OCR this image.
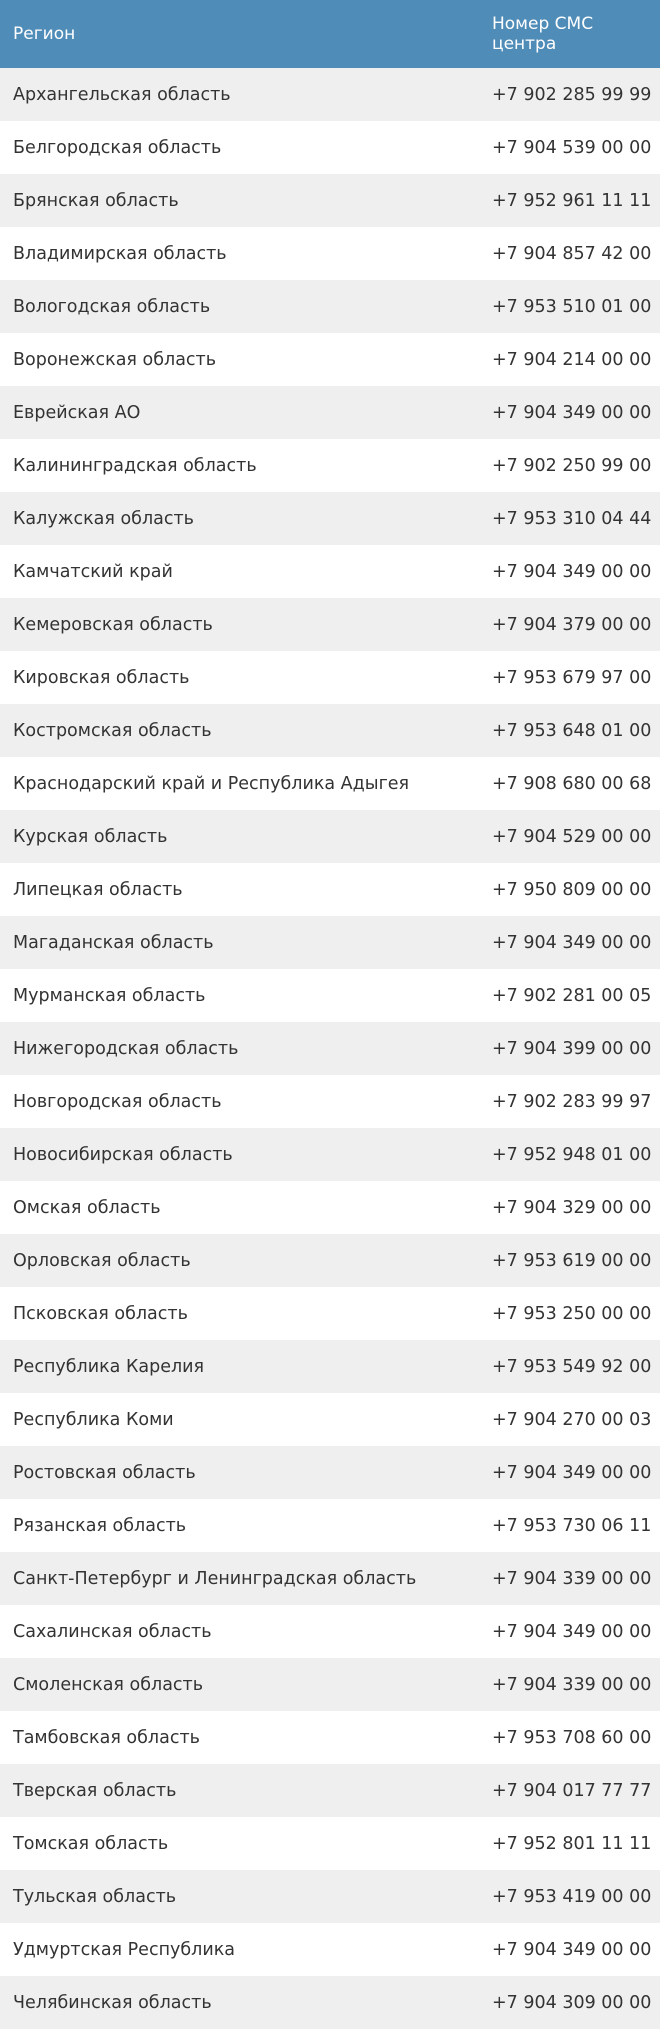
Регион	Номер СМС центра
Архангельская область	+7 902 285 99 99
Белгородская область	+7 904 539 00 00
Брянская область	+7 952 961 11 11
Владимирская область	+7 904 857 42 00
Вологодская область	+7 953 510 01 00
Воронежская область	+7 904 214 00 00
Еврейская АО	+7 904 349 00 00
Калининградская область	+7 902 250 99 00
Калужская область	+7 953 310 04 44
Камчатский край	+7 904 349 00 00
Кемеровская область	+7 904 379 00 00
Кировская область	+7 953 679 97 00
Костромская область	+7 953 648 01 00
Краснодарский край и Республика Адыгея	+7 908 680 00 68
Курская область	+7 904 529 00 00
Липецкая область	+7 950 809 00 00
Магаданская область	+7 904 349 00 00
Мурманская область	+7 902 281 00 05
Нижегородская область	+7 904 399 00 00
Новгородская область	+7 902 283 99 97
Новосибирская область	+7 952 948 01 00
Омская область	+7 904 329 00 00
Орловская область	+7 953 619 00 00
Псковская область	+7 953 250 00 00
Республика Карелия	+7 953 549 92 00
Республика Коми	+7 904 270 00 03
Ростовская область	+7 904 349 00 00
Рязанская область	+7 953 730 06 11
Санкт-Петербург и Ленинградская область	+7 904 339 00 00
Сахалинская область	+7 904 349 00 00
Смоленская область	+7 904 339 00 00
Тамбовская область	+7 953 708 60 00
Тверская область	+7 904 017 77 77
Томская область	+7 952 801 11 11
Тульская область	+7 953 419 00 00
Удмуртская Республика	+7 904 349 00 00
Челябинская область	+7 904 309 00 00
